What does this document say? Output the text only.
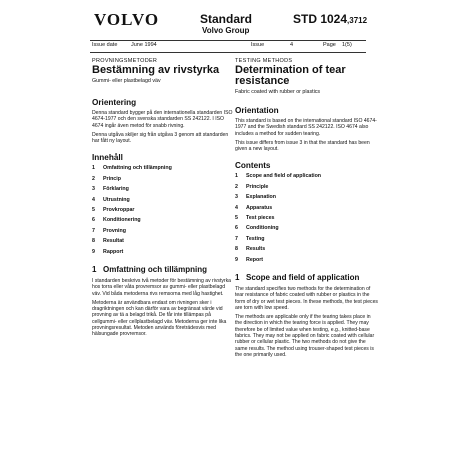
VOLVO	Standard
Volvo Group
STD 1024,3712
Issue date June 1994	Issue	4	Page 1(5)
PROVNINGSMETODER
Bestämning av rivstyrka
Gummi- eller plastbelagd väv
Orientering
Denna standard bygger på den internationella standarden ISO 4674-1977 och den svenska standarden SS 242122. I ISO 4674 ingår även metod för snabb rivning.
Denna utgåva skiljer sig från utgåva 3 genom att standarden har fått ny layout.
Innehåll
1	Omfattning och tillämpning
2	Princip
3	Förklaring
4	Utrustning
5	Provkroppar
6	Konditionering
7	Provning
8	Resultat
9	Rapport
1 Omfattning och tillämpning
I standarden beskrivs två metoder för bestämning av rivstyrka hos torra eller våta provremsor av gummi- eller plastbelagd väv. Vid båda metoderna rivs remsorna med låg hastighet.
Metoderna är användbara endast om rivningen sker i dragriktningen och kan därför vara av begränsat värde vid provning av tä a belagd trikå. De får inte tillämpas på cellgummi- eller cellplastbelagd väv. Metoderna ger inte lika provningsresultat. Metoden används företrädesvis med hälsungade provremsor.
TESTING METHODS
Determination of tear resistance
Fabric coated with rubber or plastics
Orientation
This standard is based on the international standard ISO 4674-1977 and the Swedish standard SS 242122. ISO 4674 also includes a method for sudden tearing.
This issue differs from issue 3 in that the standard has been given a new layout.
Contents
1	Scope and field of application
2	Principle
3	Explanation
4	Apparatus
5	Test pieces
6	Conditioning
7	Testing
8	Results
9	Report
1 Scope and field of application
The standard specifies two methods for the determination of tear resistance of fabric coated with rubber or plastics in the form of dry or wet test pieces. In these methods, the test pieces are torn with low speed.
The methods are applicable only if the tearing takes place in the direction in which the tearing force is applied. They may therefore be of limited value when testing, e.g., knitted-base fabrics. They may not be applied on fabric coated with cellular rubber or cellular plastic. The two methods do not give the same results. The method using trouser-shaped test pieces is the one primarily used.
